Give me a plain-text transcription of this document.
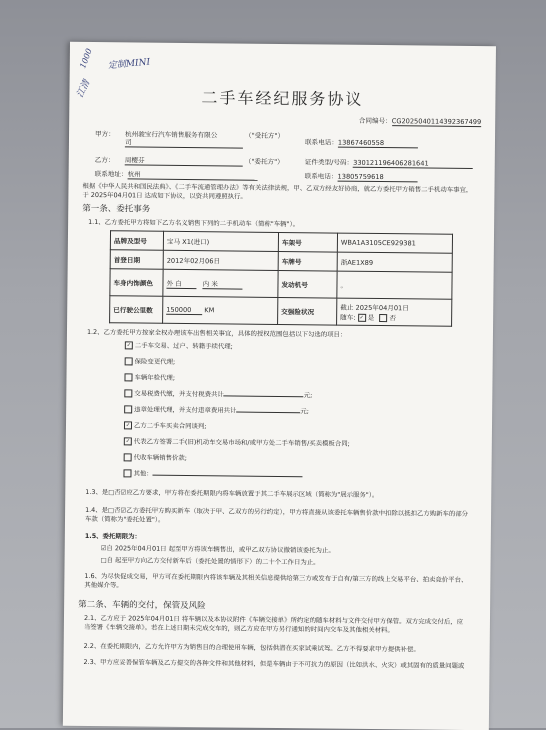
1000 定制MINI
江清	二手车经纪服务协议
合同编号：CG2025040114392367499
甲方： 杭州骏宝行汽车销售服务有限公
司
（"受托方"）
联系电话：13867460558
乙方： 周樱芬	（"委托方"）	证件类型/号码：330121196406281641
联系地址：杭州	联系电话：13805759618
根据《中华人民共和国民法典》、《二手车流通管理办法》等有关法律法规，甲、乙双方经友好协商，就乙方委托甲方销售二手机动车事宜，于 2025年04月01日 达成如下协议，以资共同遵照执行。
第一条、委托事务
1.1、乙方委托甲方将如下乙方名义销售下列的二手机动车（简称"车辆"）。
品牌及型号	宝马 X1(进口)	车架号	WBA1A3105CE929381
首登日期	2012年02月06日	车牌号	浙AE1X89
车身内饰颜色	外 白 内 米	发动机号	。
已行驶公里数	150000 KM	交强险状况	截止 2025年04月01日
随车: ✓ 是 否
1.2、乙方委托甲方按家全权办理该车出售相关事宜，具体的授权范围包括以下勾选的项目：
✓ 二手车交易、过户、转籍手续代理;
保险变更代理;
车辆年检代理;
交易税费代缴，并支付税费共计	元;
违章处理代理，并支付违章费用共计	元;
✓ 乙方二手车买卖合同谈判;
✓ 代表乙方签署二手(旧)机动车交易市场和/或甲方处二手车销售/买卖模板合同;
代收车辆销售价款;
其他：
1.3、是□否☑应乙方要求，甲方将在委托期限内将车辆放置于其二手车展示区域（简称为"展示服务"）。
1.4、是□否☑乙方委托甲方购买新车（取决于甲、乙双方的另行约定），甲方将直接从该委托车辆售价款中扣除以抵扣乙方购新车的部分车款（简称为"委托处置"）。
1.5、委托期限为：
☑自 2025年04月01日 起至甲方将该车辆售出，或甲乙双方协议撤销该委托为止。
□自 起至甲方向乙方交付新车后（委托处置的情形下）的二十个工作日为止。
1.6、为尽快促成交易，甲方可在委托期限内将该车辆及其相关信息提供给第三方或发布于自有/第三方的线上交易平台、拍卖竞价平台、其他媒介等。
第二条、车辆的交付，保管及风险
2.1、乙方应于 2025年04月01日 将车辆以及本协议附件《车辆交接单》所约定的随车材料与文件交付甲方保管。双方完成交付后，应当签署《车辆交接单》。若在上述日期未完成交车的，则乙方应在甲方另行通知的时间内交车及其他相关材料。
2.2、在委托期限内，乙方允许甲方为销售目的合理使用车辆，包括供潜在买家试乘试驾。乙方不得要求甲方提供补偿。
2.3、甲方应妥善保管车辆及乙方提交的各种文件和其他材料，但是车辆由于不可抗力的原因（比如洪水、火灾）或其固有的质量问题或
